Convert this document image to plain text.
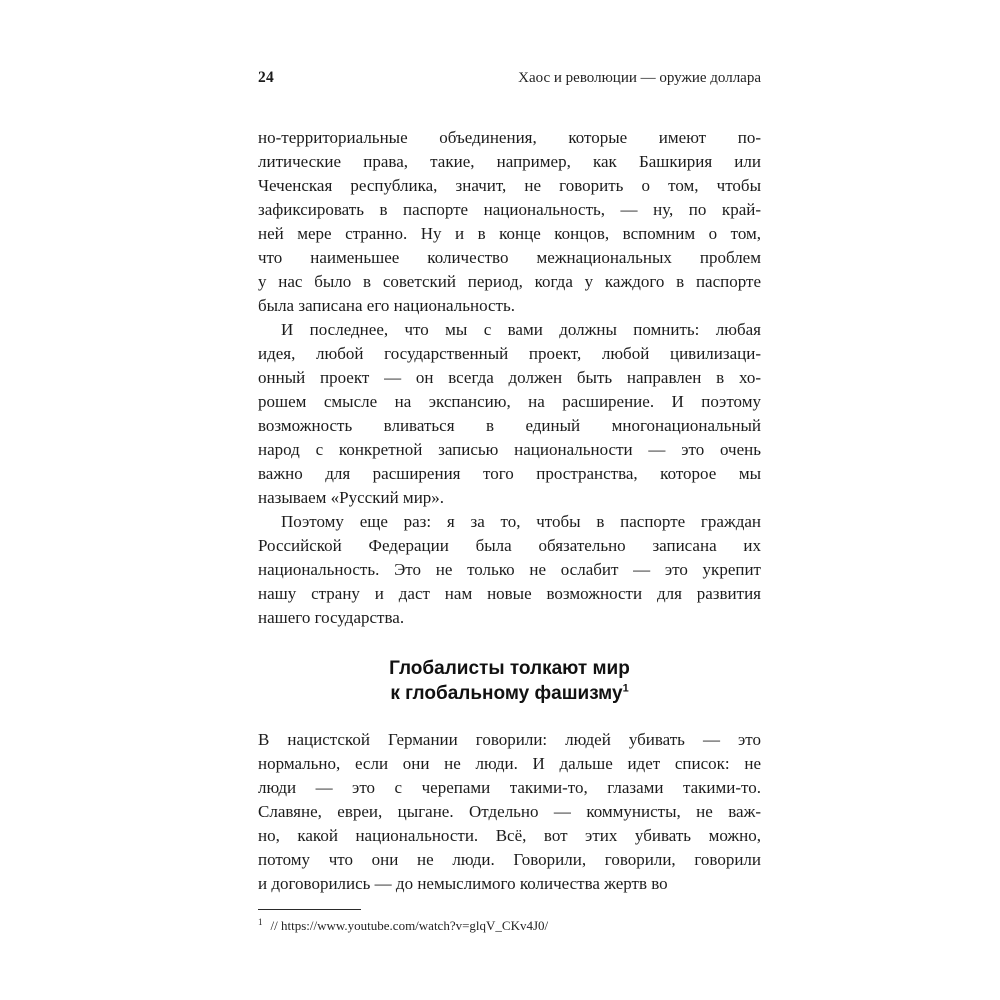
24	Хаос и революции — оружие доллара
но-территориальные объединения, которые имеют по-
литические права, такие, например, как Башкирия или
Чеченская республика, значит, не говорить о том, чтобы
зафиксировать в паспорте национальность, — ну, по край-
ней мере странно. Ну и в конце концов, вспомним о том,
что наименьшее количество межнациональных проблем
у нас было в советский период, когда у каждого в паспорте
была записана его национальность.
И последнее, что мы с вами должны помнить: любая
идея, любой государственный проект, любой цивилизаци-
онный проект — он всегда должен быть направлен в хо-
рошем смысле на экспансию, на расширение. И поэтому
возможность вливаться в единый многонациональный
народ с конкретной записью национальности — это очень
важно для расширения того пространства, которое мы
называем «Русский мир».
Поэтому еще раз: я за то, чтобы в паспорте граждан
Российской Федерации была обязательно записана их
национальность. Это не только не ослабит — это укрепит
нашу страну и даст нам новые возможности для развития
нашего государства.
Глобалисты толкают мир
к глобальному фашизму$^1$
В нацистской Германии говорили: людей убивать — это
нормально, если они не люди. И дальше идет список: не
люди — это с черепами такими-то, глазами такими-то.
Славяне, евреи, цыгане. Отдельно — коммунисты, не важ-
но, какой национальности. Всё, вот этих убивать можно,
потому что они не люди. Говорили, говорили, говорили
и договорились — до немыслимого количества жертв во
$^1$ // https://www.youtube.com/watch?v=glqV_CKv4J0/
